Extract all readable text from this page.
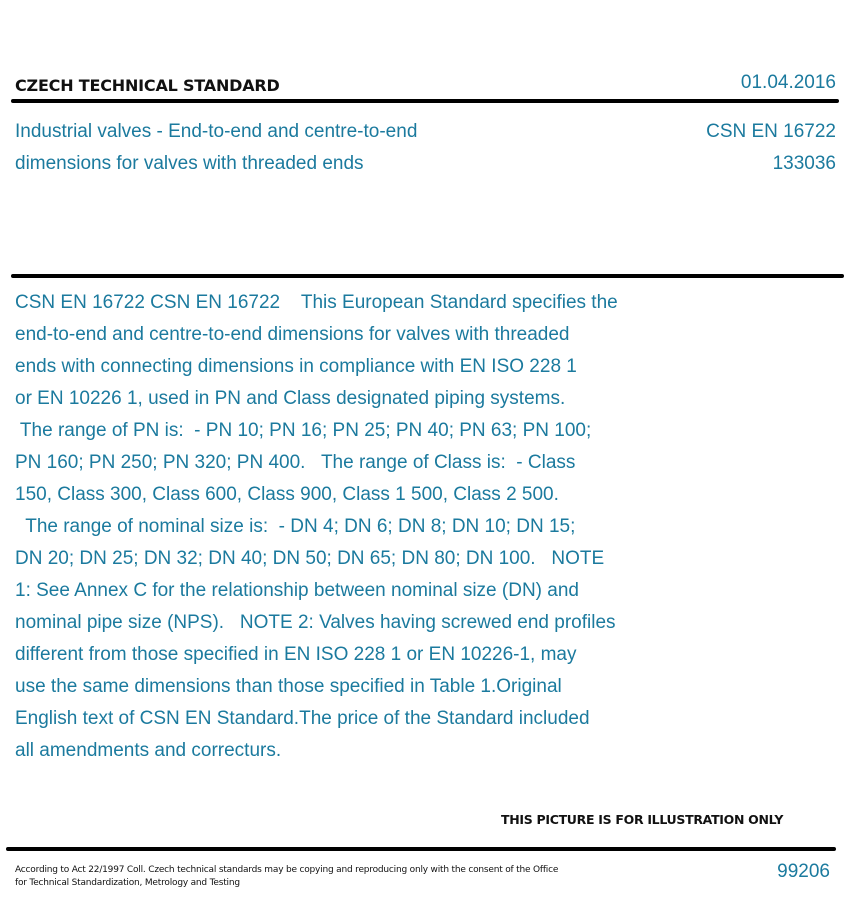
CZECH TECHNICAL STANDARD	01.04.2016
Industrial valves - End-to-end and centre-to-end
dimensions for valves with threaded ends
CSN EN 16722
133036
CSN EN 16722 CSN EN 16722    This European Standard specifies the
end-to-end and centre-to-end dimensions for valves with threaded
ends with connecting dimensions in compliance with EN ISO 228 1
or EN 10226 1, used in PN and Class designated piping systems.
The range of PN is:  - PN 10; PN 16; PN 25; PN 40; PN 63; PN 100;
PN 160; PN 250; PN 320; PN 400.   The range of Class is:  - Class
150, Class 300, Class 600, Class 900, Class 1 500, Class 2 500.
The range of nominal size is:  - DN 4; DN 6; DN 8; DN 10; DN 15;
DN 20; DN 25; DN 32; DN 40; DN 50; DN 65; DN 80; DN 100.   NOTE
1: See Annex C for the relationship between nominal size (DN) and
nominal pipe size (NPS).   NOTE 2: Valves having screwed end profiles
different from those specified in EN ISO 228 1 or EN 10226-1, may
use the same dimensions than those specified in Table 1.Original
English text of CSN EN Standard.The price of the Standard included
all amendments and correcturs.
THIS PICTURE IS FOR ILLUSTRATION ONLY
According to Act 22/1997 Coll. Czech technical standards may be copying and reproducing only with the consent of the Office
for Technical Standardization, Metrology and Testing
99206
